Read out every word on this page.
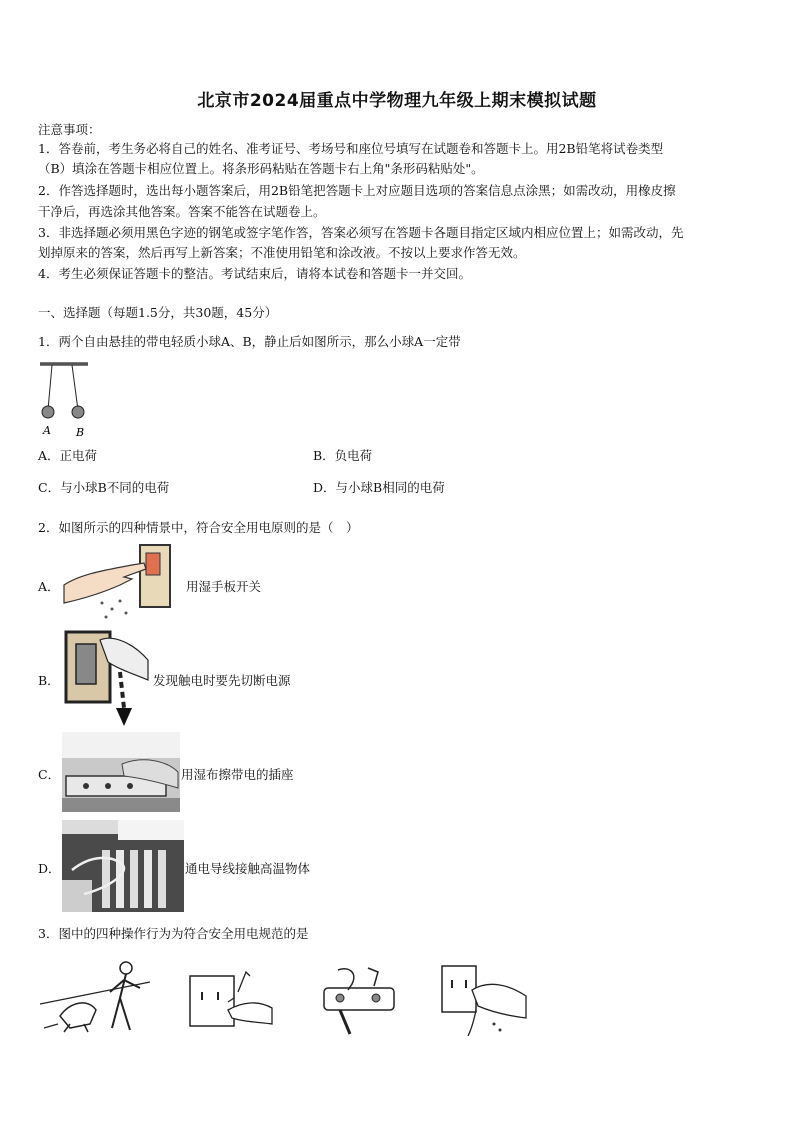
北京市2024届重点中学物理九年级上期末模拟试题
注意事项：
1．答卷前，考生务必将自己的姓名、准考证号、考场号和座位号填写在试题卷和答题卡上。用2B铅笔将试卷类型
（B）填涂在答题卡相应位置上。将条形码粘贴在答题卡右上角"条形码粘贴处"。
2．作答选择题时，选出每小题答案后，用2B铅笔把答题卡上对应题目选项的答案信息点涂黑；如需改动，用橡皮擦
干净后，再选涂其他答案。答案不能答在试题卷上。
3．非选择题必须用黑色字迹的钢笔或签字笔作答，答案必须写在答题卡各题目指定区域内相应位置上；如需改动，先
划掉原来的答案，然后再写上新答案；不准使用铅笔和涂改液。不按以上要求作答无效。
4．考生必须保证答题卡的整洁。考试结束后，请将本试卷和答题卡一并交回。
一、选择题（每题1.5分，共30题，45分）
1．两个自由悬挂的带电轻质小球A、B，静止后如图所示，那么小球A一定带
A B
A．正电荷	B．负电荷
C．与小球B不同的电荷	D．与小球B相同的电荷
2．如图所示的四种情景中，符合安全用电原则的是（　）
A．	用湿手板开关
B．	发现触电时要先切断电源
C．	用湿布擦带电的插座
D．	通电导线接触高温物体
3．图中的四种操作行为为符合安全用电规范的是
